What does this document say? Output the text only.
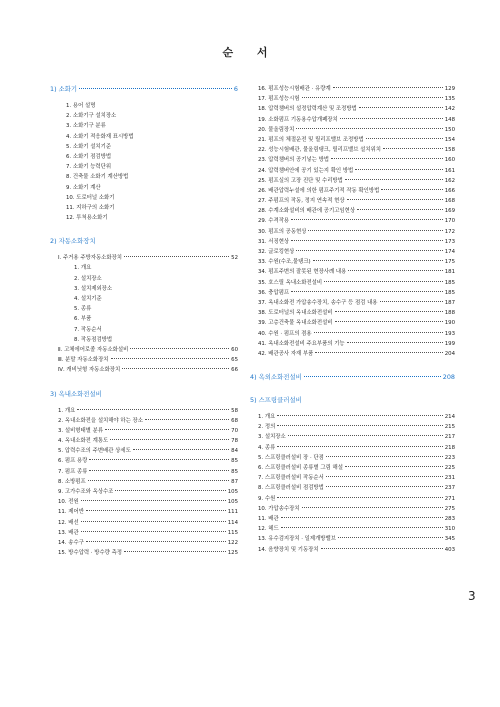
순 서
1) 소화기	6
1. 용어 설명
2. 소화기구 설치장소
3. 소화기구 분류
4. 소화기 적응화재 표시방법
5. 소화기 설치기준
6. 소화기 점검방법
7. 소화기 능력단위
8. 건축물 소화기 계산방법
9. 소화기 계산
10. 도로터널 소화기
11. 지하구의 소화기
12. 투척용소화기
2) 자동소화장치
Ⅰ. 주거용 주방자동소화장치	52
1. 개요
2. 설치장소
3. 설치제외장소
4. 설치기준
5. 종류
6. 부품
7. 작동순서
8. 작동점검방법
Ⅱ. 고체에어로졸 자동소화설비	60
Ⅲ. 분말 자동소화장치	65
Ⅳ. 캐비닛형 자동소화장치	66
3) 옥내소화전설비
1. 개요	58
2. 옥내소화전을 설치해야 하는 장소	68
3. 설비형태별 분류	70
4. 옥내소화전 계통도	78
5. 압력수조의 주변배관 상세도	84
6. 펌프 용량	85
7. 펌프 종류	85
8. 소방펌프	87
9. 고가수조와 옥상수조	105
10. 전원	105
11. 제어반	111
12. 배선	114
13. 배관	115
14. 송수구	122
15. 방수압력 · 방수량 측정	125
16. 펌프성능시험배관 · 유량계	129
17. 펌프성능시험	135
18. 압력챔버의 설정압력계산 및 조정방법	142
19. 소화펌프 기동용수압개폐장치	148
20. 물올림장치	150
21. 펌프의 체절운전 및 릴리프밸브 조정방법	154
22. 성능시험배관, 물올림탱크, 릴리프밸브 설치위치	158
23. 압력챔버의 공기넣는 방법	160
24. 압력챔버안에 공기 있는지 확인 방법	161
25. 펌프실의 고장 진단 및 수리방법	162
26. 배관압력누설에 의한 펌프주기적 작동 확인방법	166
27. 주펌프의 작동, 정지 연속적 현상	168
28. 수계소화설비의 배관에 공기고임현상	169
29. 수격작용	170
30. 펌프의 공동현상	172
31. 서징현상	173
32. 글로킹현상	174
33. 수원(수조,물탱크)	175
34. 펌프주변의 잘못된 현장사례 내용	181
35. 호스릴 옥내소화전설비	185
36. 충압펌프	185
37. 옥내소화전 가압송수장치, 송수구 등 점검 내용	187
38. 도로터널의 옥내소화전설비	188
39. 고층건축물 옥내소화전설비	190
40. 수원 · 펌프의 겸용	193
41. 옥내소화전설비 주요부품의 기능	199
42. 배관공사 자재 부품	204
4) 옥외소화전설비	208
5) 스프링클러설비
1. 개요	214
2. 정의	215
3. 설치장소	217
4. 종류	218
5. 스프링클러설비 장 · 단점	223
6. 스프링클러설비 종류별 그림 해설	225
7. 스프링클러설비 작동순서	231
8. 스프링클러설비 점검방법	237
9. 수원	271
10. 가압송수장치	275
11. 배관	283
12. 헤드	310
13. 유수검지장치 · 일제개방밸브	345
14. 음향장치 및 기동장치	403
3
